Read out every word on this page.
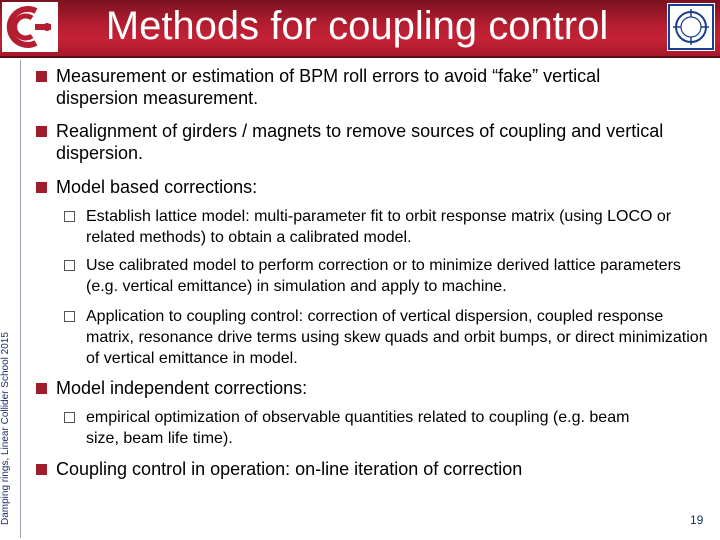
Methods for coupling control
Damping rings, Linear Collider School 2015
Measurement or estimation of BPM roll errors to avoid “fake” vertical dispersion measurement.
Realignment of girders / magnets to remove sources of coupling and vertical dispersion.
Model based corrections:
Establish lattice model: multi-parameter fit to orbit response matrix (using LOCO or related methods) to obtain a calibrated model.
Use calibrated model to perform correction or to minimize derived lattice parameters (e.g. vertical emittance) in simulation and apply to machine.
Application to coupling control: correction of vertical dispersion, coupled response matrix, resonance drive terms using skew quads and orbit bumps, or direct minimization of vertical emittance in model.
Model independent corrections:
empirical optimization of observable quantities related to coupling (e.g. beam size, beam life time).
Coupling control in operation: on-line iteration of correction
19
